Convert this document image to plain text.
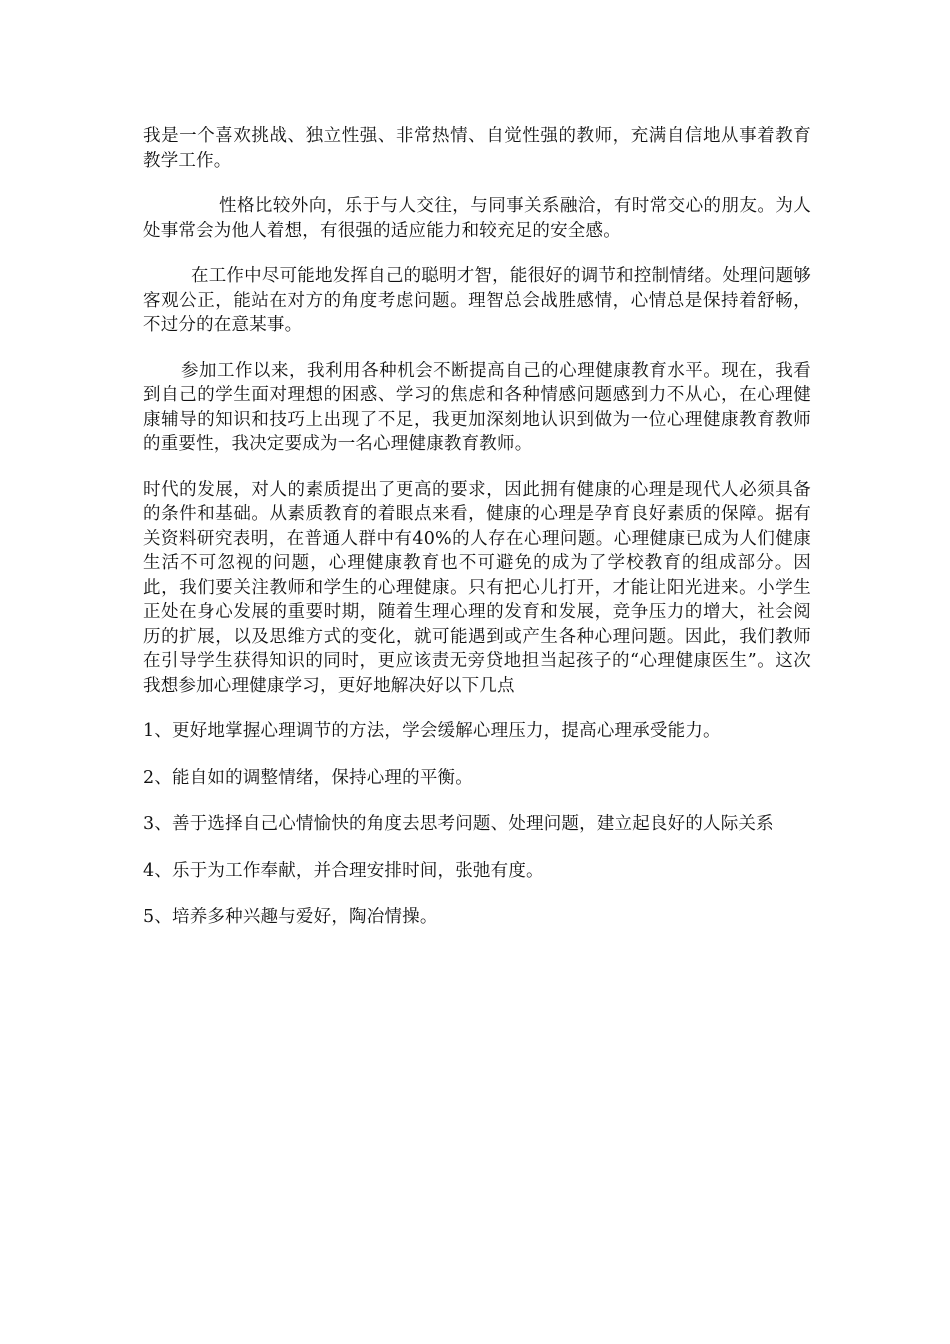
我是一个喜欢挑战、独立性强、非常热情、自觉性强的教师，充满自信地从事着教育教学工作。

性格比较外向，乐于与人交往，与同事关系融洽，有时常交心的朋友。为人处事常会为他人着想，有很强的适应能力和较充足的安全感。

在工作中尽可能地发挥自己的聪明才智，能很好的调节和控制情绪。处理问题够客观公正，能站在对方的角度考虑问题。理智总会战胜感情，心情总是保持着舒畅，不过分的在意某事。

参加工作以来，我利用各种机会不断提高自己的心理健康教育水平。现在，我看到自己的学生面对理想的困惑、学习的焦虑和各种情感问题感到力不从心，在心理健康辅导的知识和技巧上出现了不足，我更加深刻地认识到做为一位心理健康教育教师的重要性，我决定要成为一名心理健康教育教师。

时代的发展，对人的素质提出了更高的要求，因此拥有健康的心理是现代人必须具备的条件和基础。从素质教育的着眼点来看，健康的心理是孕育良好素质的保障。据有关资料研究表明，在普通人群中有40%的人存在心理问题。心理健康已成为人们健康生活不可忽视的问题，心理健康教育也不可避免的成为了学校教育的组成部分。因此，我们要关注教师和学生的心理健康。只有把心儿打开，才能让阳光进来。小学生正处在身心发展的重要时期，随着生理心理的发育和发展，竞争压力的增大，社会阅历的扩展，以及思维方式的变化，就可能遇到或产生各种心理问题。因此，我们教师在引导学生获得知识的同时，更应该责无旁贷地担当起孩子的“心理健康医生”。这次我想参加心理健康学习，更好地解决好以下几点

1、更好地掌握心理调节的方法，学会缓解心理压力，提高心理承受能力。
2、能自如的调整情绪，保持心理的平衡。
3、善于选择自己心情愉快的角度去思考问题、处理问题，建立起良好的人际关系
4、乐于为工作奉献，并合理安排时间，张弛有度。
5、培养多种兴趣与爱好，陶冶情操。
